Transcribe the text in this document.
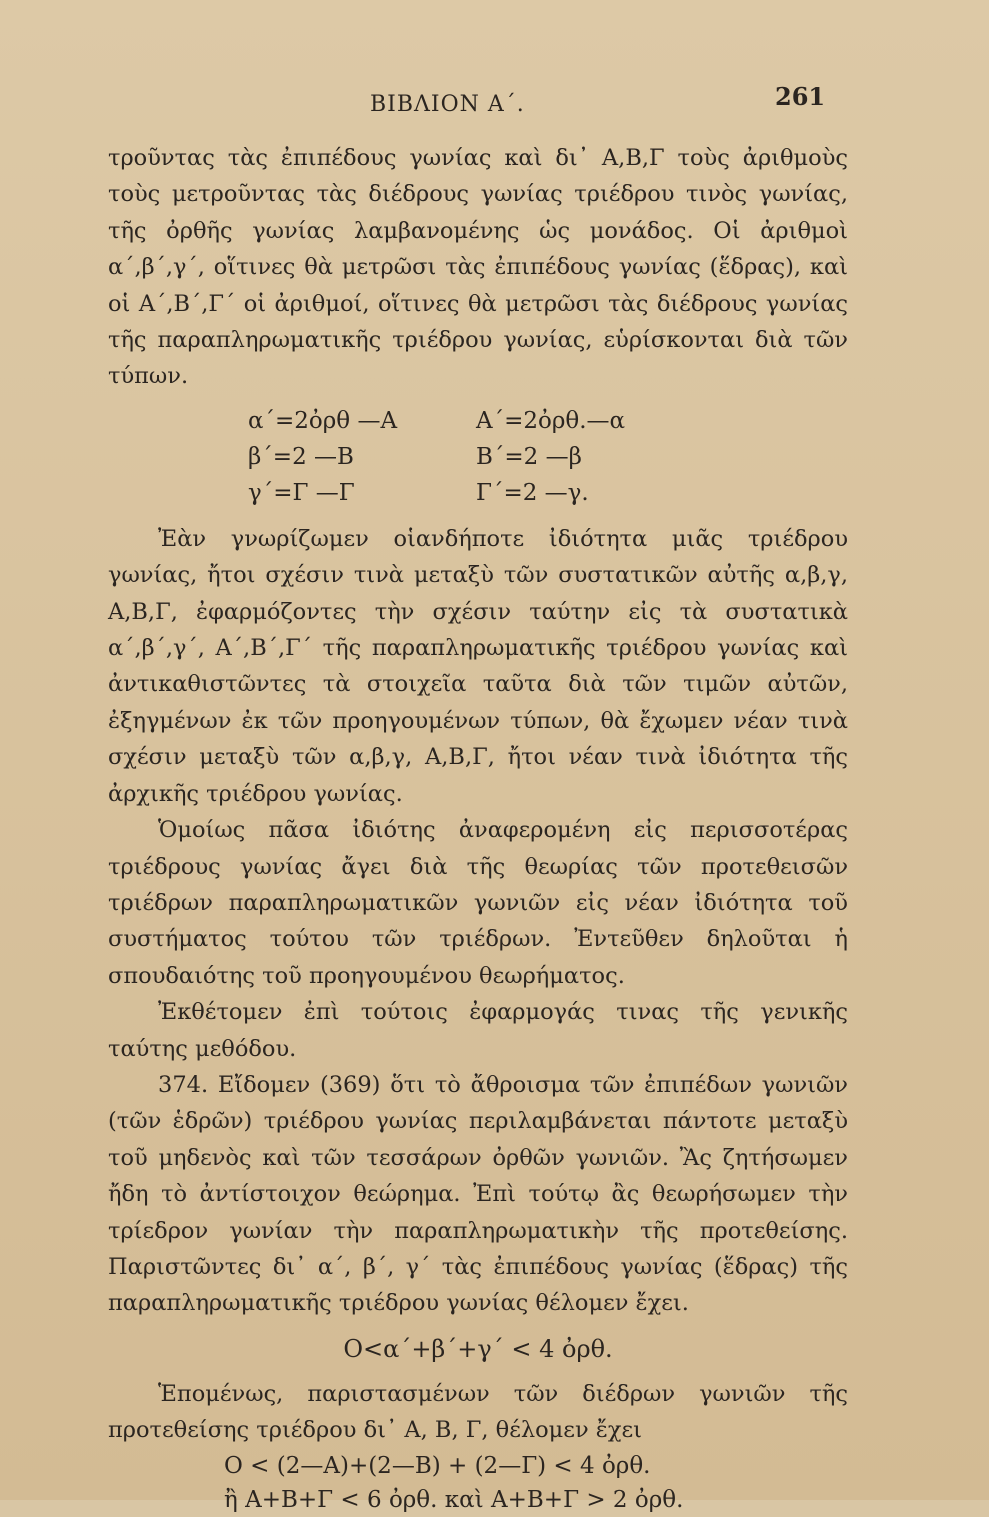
ΒΙΒΛΙΟΝ Α΄.	261

τροῦντας τὰς ἐπιπέδους γωνίας καὶ δι᾽ Α,Β,Γ τοὺς ἀριθμοὺς τοὺς μετροῦντας τὰς διέδρους γωνίας τριέδρου τινὸς γωνίας, τῆς ὀρθῆς γωνίας λαμβανομένης ὡς μονάδος. Οἱ ἀριθμοὶ α΄,β΄,γ΄, οἵτινες θὰ μετρῶσι τὰς ἐπιπέδους γωνίας (ἕδρας), καὶ οἱ Α΄,Β΄,Γ΄ οἱ ἀριθμοί, οἵτινες θὰ μετρῶσι τὰς διέδρους γωνίας τῆς παραπληρωματικῆς τριέδρου γωνίας, εὑρίσκονται διὰ τῶν τύπων.

α΄=2ὀρθ —Α	Α΄=2ὀρθ.—α
β΄=2 —Β	Β΄=2 —β
γ΄=Γ —Γ	Γ΄=2 —γ.

Ἐὰν γνωρίζωμεν οἱανδήποτε ἰδιότητα μιᾶς τριέδρου γωνίας, ἤτοι σχέσιν τινὰ μεταξὺ τῶν συστατικῶν αὐτῆς α,β,γ, Α,Β,Γ, ἐφαρμόζοντες τὴν σχέσιν ταύτην εἰς τὰ συστατικὰ α΄,β΄,γ΄, Α΄,Β΄,Γ΄ τῆς παραπληρωματικῆς τριέδρου γωνίας καὶ ἀντικαθιστῶντες τὰ στοιχεῖα ταῦτα διὰ τῶν τιμῶν αὐτῶν, ἐξηγμένων ἐκ τῶν προηγουμένων τύπων, θὰ ἔχωμεν νέαν τινὰ σχέσιν μεταξὺ τῶν α,β,γ, Α,Β,Γ, ἤτοι νέαν τινὰ ἰδιότητα τῆς ἀρχικῆς τριέδρου γωνίας.

Ὁμοίως πᾶσα ἰδιότης ἀναφερομένη εἰς περισσοτέρας τριέδρους γωνίας ἄγει διὰ τῆς θεωρίας τῶν προτεθεισῶν τριέδρων παραπληρωματικῶν γωνιῶν εἰς νέαν ἰδιότητα τοῦ συστήματος τούτου τῶν τριέδρων. Ἐντεῦθεν δηλοῦται ἡ σπουδαιότης τοῦ προηγουμένου θεωρήματος.

Ἐκθέτομεν ἐπὶ τούτοις ἐφαρμογάς τινας τῆς γενικῆς ταύτης μεθόδου.

374. Εἴδομεν (369) ὅτι τὸ ἄθροισμα τῶν ἐπιπέδων γωνιῶν (τῶν ἑδρῶν) τριέδρου γωνίας περιλαμβάνεται πάντοτε μεταξὺ τοῦ μηδενὸς καὶ τῶν τεσσάρων ὀρθῶν γωνιῶν. Ἂς ζητήσωμεν ἤδη τὸ ἀντίστοιχον θεώρημα. Ἐπὶ τούτῳ ἂς θεωρήσωμεν τὴν τρίεδρον γωνίαν τὴν παραπληρωματικὴν τῆς προτεθείσης. Παριστῶντες δι᾽ α΄, β΄, γ΄ τὰς ἐπιπέδους γωνίας (ἕδρας) τῆς παραπληρωματικῆς τριέδρου γωνίας θέλομεν ἔχει.

Ο<α΄+β΄+γ΄ < 4 ὀρθ.

Ἑπομένως, παριστασμένων τῶν διέδρων γωνιῶν τῆς προτεθείσης τριέδρου δι᾽ Α, Β, Γ, θέλομεν ἔχει

Ο < (2—Α)+(2—Β) + (2—Γ) < 4 ὀρθ.
ἢ Α+Β+Γ < 6 ὀρθ. καὶ Α+Β+Γ > 2 ὀρθ.
